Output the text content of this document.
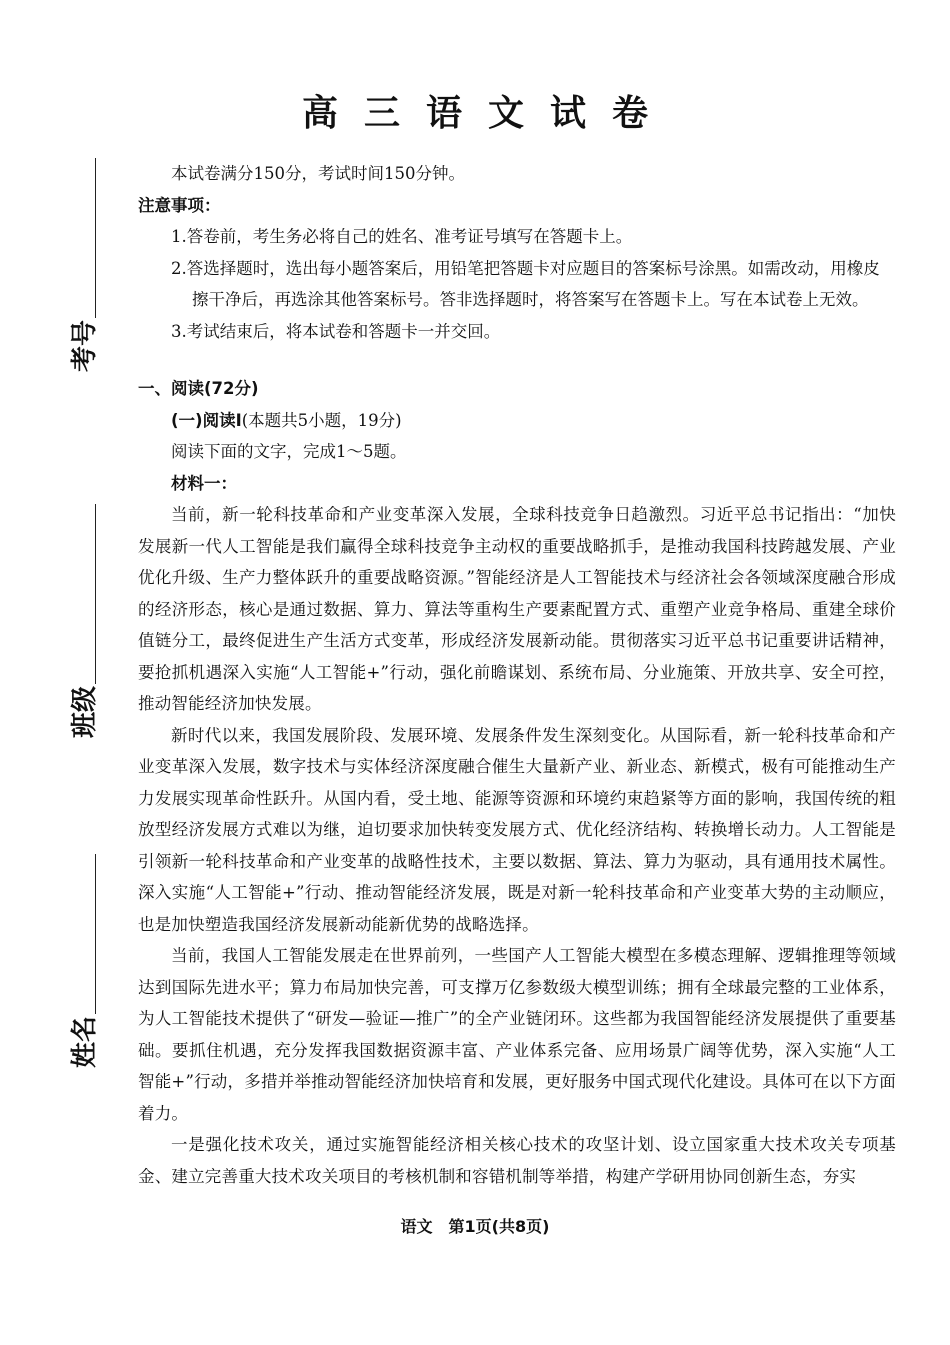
高三语文试卷
考号
班级
姓名

本试卷满分150分，考试时间150分钟。

注意事项：

1.答卷前，考生务必将自己的姓名、准考证号填写在答题卡上。

2.答选择题时，选出每小题答案后，用铅笔把答题卡对应题目的答案标号涂黑。如需改动，用橡皮擦干净后，再选涂其他答案标号。答非选择题时，将答案写在答题卡上。写在本试卷上无效。

3.考试结束后，将本试卷和答题卡一并交回。

一、阅读(72分)

(一)阅读Ⅰ(本题共5小题，19分)

阅读下面的文字，完成1～5题。

材料一：

当前，新一轮科技革命和产业变革深入发展，全球科技竞争日趋激烈。习近平总书记指出：“加快发展新一代人工智能是我们赢得全球科技竞争主动权的重要战略抓手，是推动我国科技跨越发展、产业优化升级、生产力整体跃升的重要战略资源。”智能经济是人工智能技术与经济社会各领域深度融合形成的经济形态，核心是通过数据、算力、算法等重构生产要素配置方式、重塑产业竞争格局、重建全球价值链分工，最终促进生产生活方式变革，形成经济发展新动能。贯彻落实习近平总书记重要讲话精神，要抢抓机遇深入实施“人工智能+”行动，强化前瞻谋划、系统布局、分业施策、开放共享、安全可控，推动智能经济加快发展。

新时代以来，我国发展阶段、发展环境、发展条件发生深刻变化。从国际看，新一轮科技革命和产业变革深入发展，数字技术与实体经济深度融合催生大量新产业、新业态、新模式，极有可能推动生产力发展实现革命性跃升。从国内看，受土地、能源等资源和环境约束趋紧等方面的影响，我国传统的粗放型经济发展方式难以为继，迫切要求加快转变发展方式、优化经济结构、转换增长动力。人工智能是引领新一轮科技革命和产业变革的战略性技术，主要以数据、算法、算力为驱动，具有通用技术属性。深入实施“人工智能+”行动、推动智能经济发展，既是对新一轮科技革命和产业变革大势的主动顺应，也是加快塑造我国经济发展新动能新优势的战略选择。

当前，我国人工智能发展走在世界前列，一些国产人工智能大模型在多模态理解、逻辑推理等领域达到国际先进水平；算力布局加快完善，可支撑万亿参数级大模型训练；拥有全球最完整的工业体系，为人工智能技术提供了“研发—验证—推广”的全产业链闭环。这些都为我国智能经济发展提供了重要基础。要抓住机遇，充分发挥我国数据资源丰富、产业体系完备、应用场景广阔等优势，深入实施“人工智能+”行动，多措并举推动智能经济加快培育和发展，更好服务中国式现代化建设。具体可在以下方面着力。

一是强化技术攻关，通过实施智能经济相关核心技术的攻坚计划、设立国家重大技术攻关专项基金、建立完善重大技术攻关项目的考核机制和容错机制等举措，构建产学研用协同创新生态，夯实

语文　第1页(共8页)
